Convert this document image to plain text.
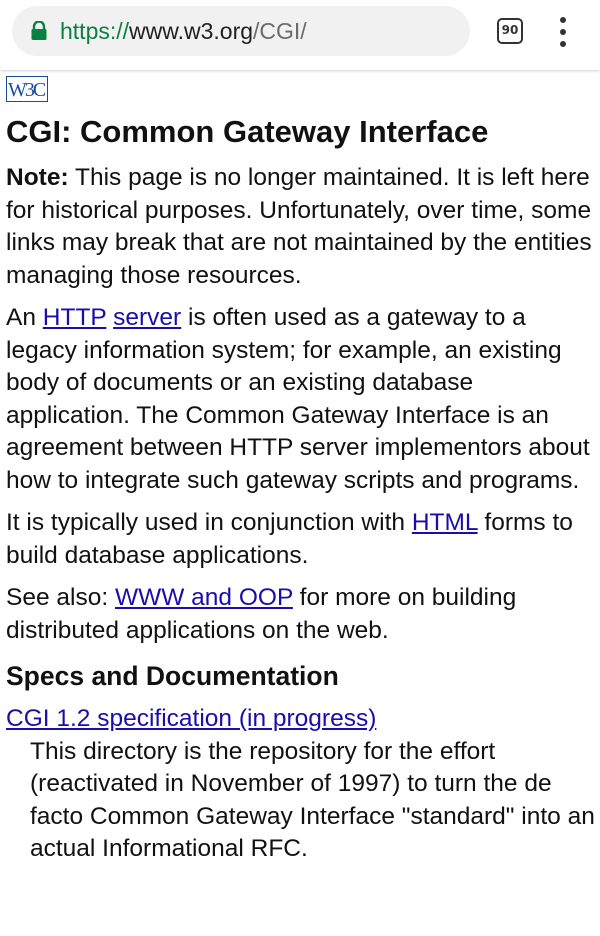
https://www.w3.org/CGI/	90
W3C
CGI: Common Gateway Interface

Note: This page is no longer maintained. It is left here for historical purposes. Unfortunately, over time, some links may break that are not maintained by the entities managing those resources.

An HTTP server is often used as a gateway to a legacy information system; for example, an existing body of documents or an existing database application. The Common Gateway Interface is an agreement between HTTP server implementors about how to integrate such gateway scripts and programs.

It is typically used in conjunction with HTML forms to build database applications.

See also: WWW and OOP for more on building distributed applications on the web.

Specs and Documentation
CGI 1.2 specification (in progress)

This directory is the repository for the effort (reactivated in November of 1997) to turn the de facto Common Gateway Interface "standard" into an actual Informational RFC.
